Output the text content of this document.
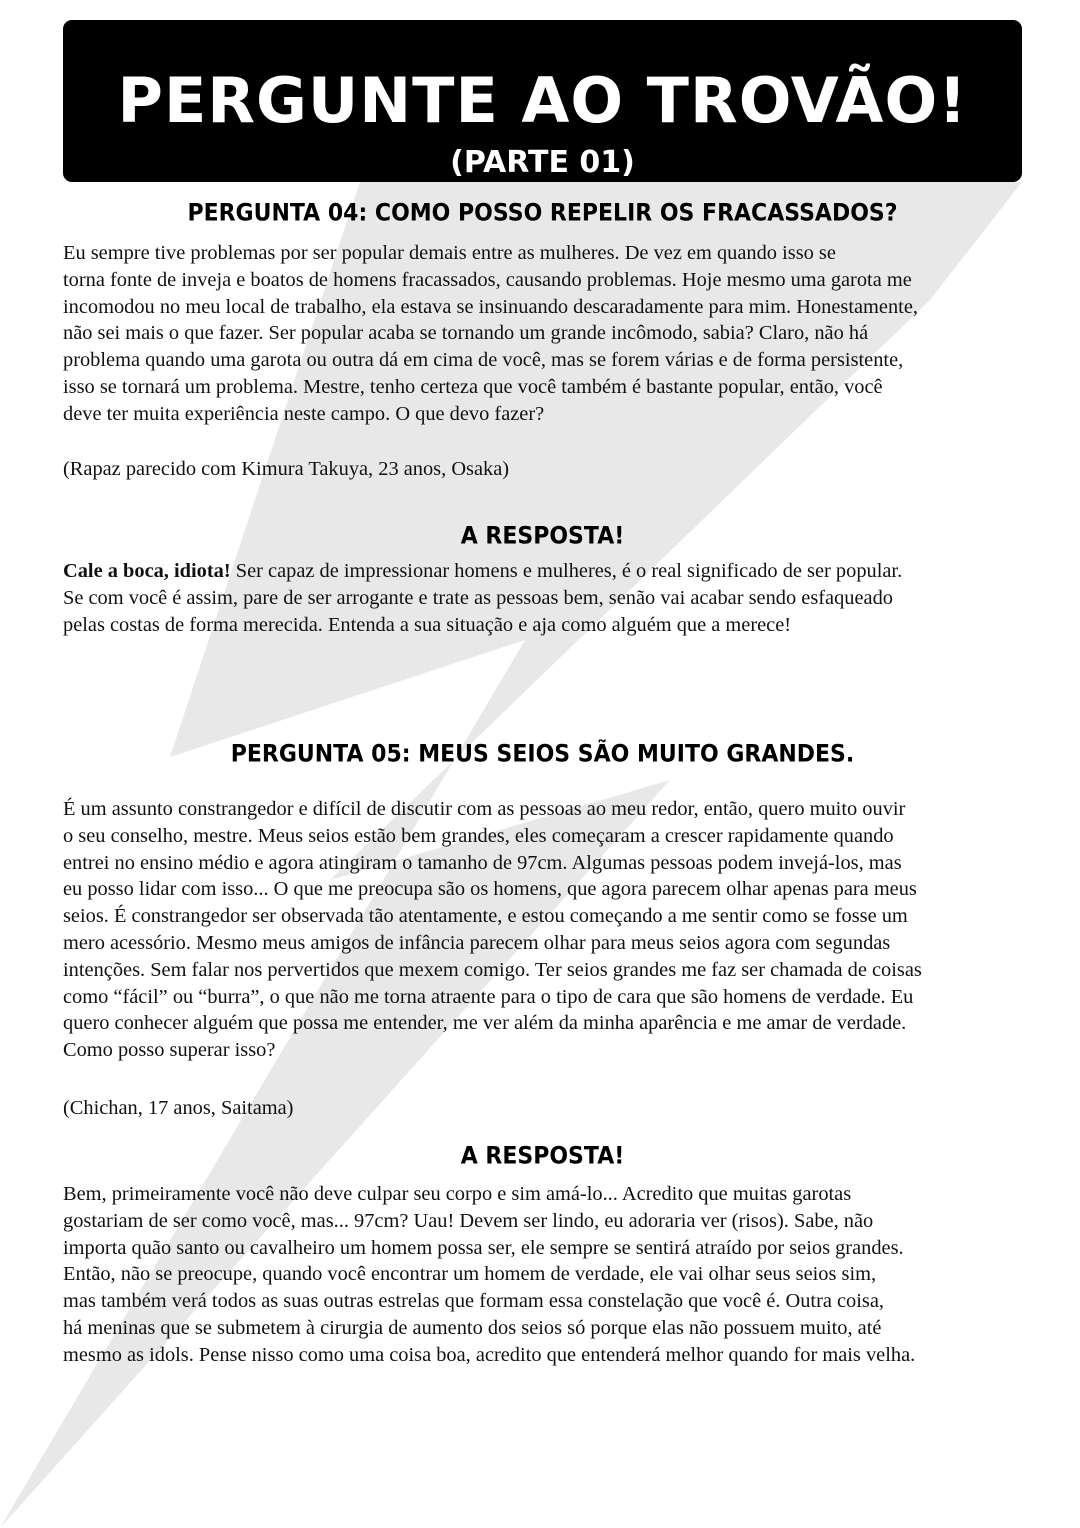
PERGUNTE AO TROVÃO!
(PARTE 01)
PERGUNTA 04: COMO POSSO REPELIR OS FRACASSADOS?

Eu sempre tive problemas por ser popular demais entre as mulheres. De vez em quando isso se

torna fonte de inveja e boatos de homens fracassados, causando problemas. Hoje mesmo uma garota me

incomodou no meu local de trabalho, ela estava se insinuando descaradamente para mim. Honestamente,

não sei mais o que fazer. Ser popular acaba se tornando um grande incômodo, sabia? Claro, não há

problema quando uma garota ou outra dá em cima de você, mas se forem várias e de forma persistente,

isso se tornará um problema. Mestre, tenho certeza que você também é bastante popular, então, você

deve ter muita experiência neste campo. O que devo fazer?

(Rapaz parecido com Kimura Takuya, 23 anos, Osaka)
A RESPOSTA!

Cale a boca, idiota! Ser capaz de impressionar homens e mulheres, é o real significado de ser popular.

Se com você é assim, pare de ser arrogante e trate as pessoas bem, senão vai acabar sendo esfaqueado

pelas costas de forma merecida. Entenda a sua situação e aja como alguém que a merece!

PERGUNTA 05: MEUS SEIOS SÃO MUITO GRANDES.

É um assunto constrangedor e difícil de discutir com as pessoas ao meu redor, então, quero muito ouvir

o seu conselho, mestre. Meus seios estão bem grandes, eles começaram a crescer rapidamente quando

entrei no ensino médio e agora atingiram o tamanho de 97cm. Algumas pessoas podem invejá-los, mas

eu posso lidar com isso... O que me preocupa são os homens, que agora parecem olhar apenas para meus

seios. É constrangedor ser observada tão atentamente, e estou começando a me sentir como se fosse um

mero acessório. Mesmo meus amigos de infância parecem olhar para meus seios agora com segundas

intenções. Sem falar nos pervertidos que mexem comigo. Ter seios grandes me faz ser chamada de coisas

como “fácil” ou “burra”, o que não me torna atraente para o tipo de cara que são homens de verdade. Eu

quero conhecer alguém que possa me entender, me ver além da minha aparência e me amar de verdade.

Como posso superar isso?

(Chichan, 17 anos, Saitama)
A RESPOSTA!

Bem, primeiramente você não deve culpar seu corpo e sim amá-lo... Acredito que muitas garotas

gostariam de ser como você, mas... 97cm? Uau! Devem ser lindo, eu adoraria ver (risos). Sabe, não

importa quão santo ou cavalheiro um homem possa ser, ele sempre se sentirá atraído por seios grandes.

Então, não se preocupe, quando você encontrar um homem de verdade, ele vai olhar seus seios sim,

mas também verá todos as suas outras estrelas que formam essa constelação que você é. Outra coisa,

há meninas que se submetem à cirurgia de aumento dos seios só porque elas não possuem muito, até

mesmo as idols. Pense nisso como uma coisa boa, acredito que entenderá melhor quando for mais velha.
